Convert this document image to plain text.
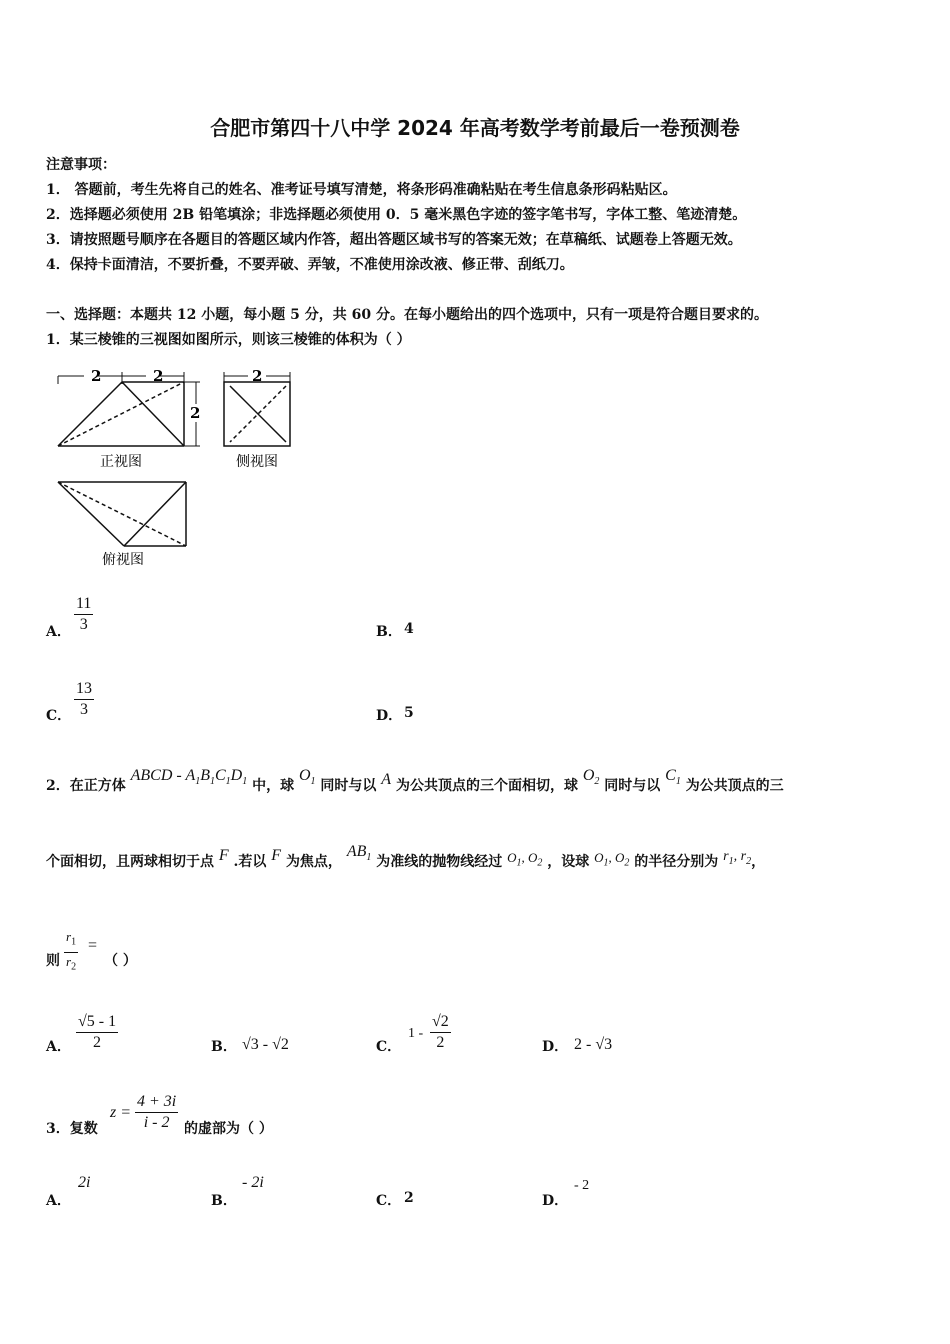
合肥市第四十八中学 2024 年高考数学考前最后一卷预测卷
注意事项：
1． 答题前，考生先将自己的姓名、准考证号填写清楚，将条形码准确粘贴在考生信息条形码粘贴区。
2．选择题必须使用 2B 铅笔填涂；非选择题必须使用 0．5 毫米黑色字迹的签字笔书写，字体工整、笔迹清楚。
3．请按照题号顺序在各题目的答题区域内作答，超出答题区域书写的答案无效；在草稿纸、试题卷上答题无效。
4．保持卡面清洁，不要折叠，不要弄破、弄皱，不准使用涂改液、修正带、刮纸刀。
一、选择题：本题共 12 小题，每小题 5 分，共 60 分。在每小题给出的四个选项中，只有一项是符合题目要求的。
1．某三棱锥的三视图如图所示，则该三棱锥的体积为（ ）
2	2
2
正视图
2
侧视图
俯视图
A． $\frac{11}{3}$	B． 4
C． $\frac{13}{3}$	D． 5
2．在正方体 ABCD - $A_1B_1C_1D_1$ 中，球 $O_1$ 同时与以 A 为公共顶点的三个面相切，球 $O_2$ 同时与以 $C_1$ 为公共顶点的三
个面相切，且两球相切于点 F .若以 F 为焦点， $AB_1$ 为准线的抛物线经过 $O_1$, $O_2$ ，设球 $O_1$, $O_2$ 的半径分别为 $r_1$, $r_2$，
则 $\frac{r_1}{r_2}$ =
（ ）
A． $\frac{√5 - 1}{2}$	B． √3 - √2	C．
$1 - \frac{√2}{2}$	D． 2 - √3
3．复数
$z = \frac{4 + 3i}{i - 2}$ 的虚部为（ ）
A．
2i
B．
- 2i
C． 2	D．
- 2
